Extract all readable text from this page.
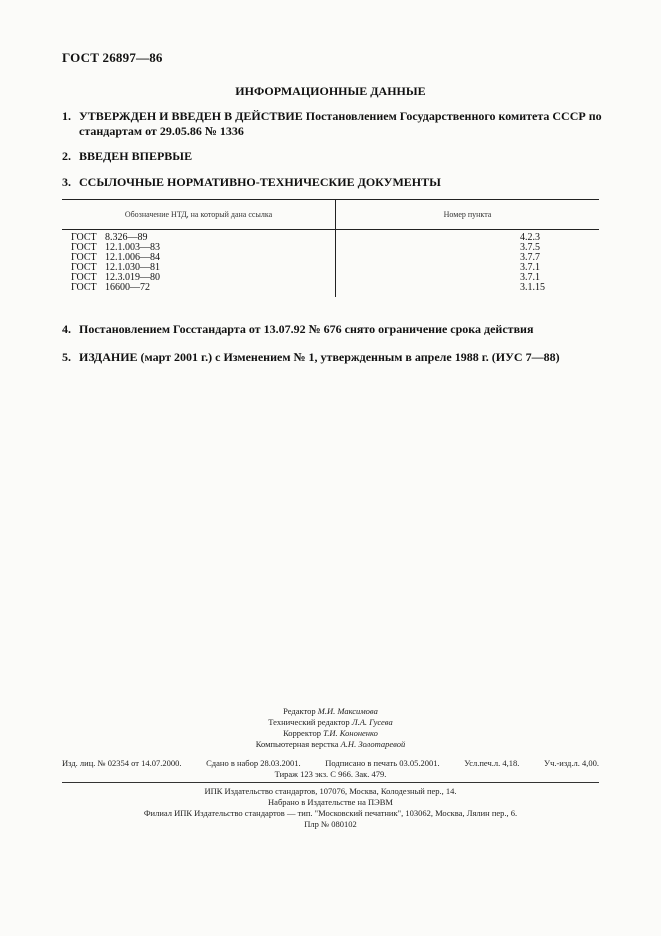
ГОСТ 26897—86
ИНФОРМАЦИОННЫЕ ДАННЫЕ
1. УТВЕРЖДЕН И ВВЕДЕН В ДЕЙСТВИЕ Постановлением Государственного комитета СССР по
стандартам от 29.05.86 № 1336
2. ВВЕДЕН ВПЕРВЫЕ
3. ССЫЛОЧНЫЕ НОРМАТИВНО-ТЕХНИЧЕСКИЕ ДОКУМЕНТЫ
Обозначение НТД, на который дана ссылка	Номер пункта
ГОСТ 8.326—89	4.2.3
ГОСТ 12.1.003—83	3.7.5
ГОСТ 12.1.006—84	3.7.7
ГОСТ 12.1.030—81	3.7.1
ГОСТ 12.3.019—80	3.7.1
ГОСТ 16600—72	3.1.15
4. Постановлением Госстандарта от 13.07.92 № 676 снято ограничение срока действия
5. ИЗДАНИЕ (март 2001 г.) с Изменением № 1, утвержденным в апреле 1988 г. (ИУС 7—88)
Редактор М.И. Максимова
Технический редактор Л.А. Гусева
Корректор Т.И. Кононенко
Компьютерная верстка А.Н. Золотаревой
Изд. лиц. № 02354 от 14.07.2000.	Сдано в набор 28.03.2001.	Подписано в печать 03.05.2001.	Усл.печ.л. 4,18.	Уч.-изд.л. 4,00.
Тираж 123 экз. С 966. Зак. 479.
ИПК Издательство стандартов, 107076, Москва, Колодезный пер., 14.
Набрано в Издательстве на ПЭВМ
Филиал ИПК Издательство стандартов — тип. "Московский печатник", 103062, Москва, Лялин пер., 6.
Плр № 080102
